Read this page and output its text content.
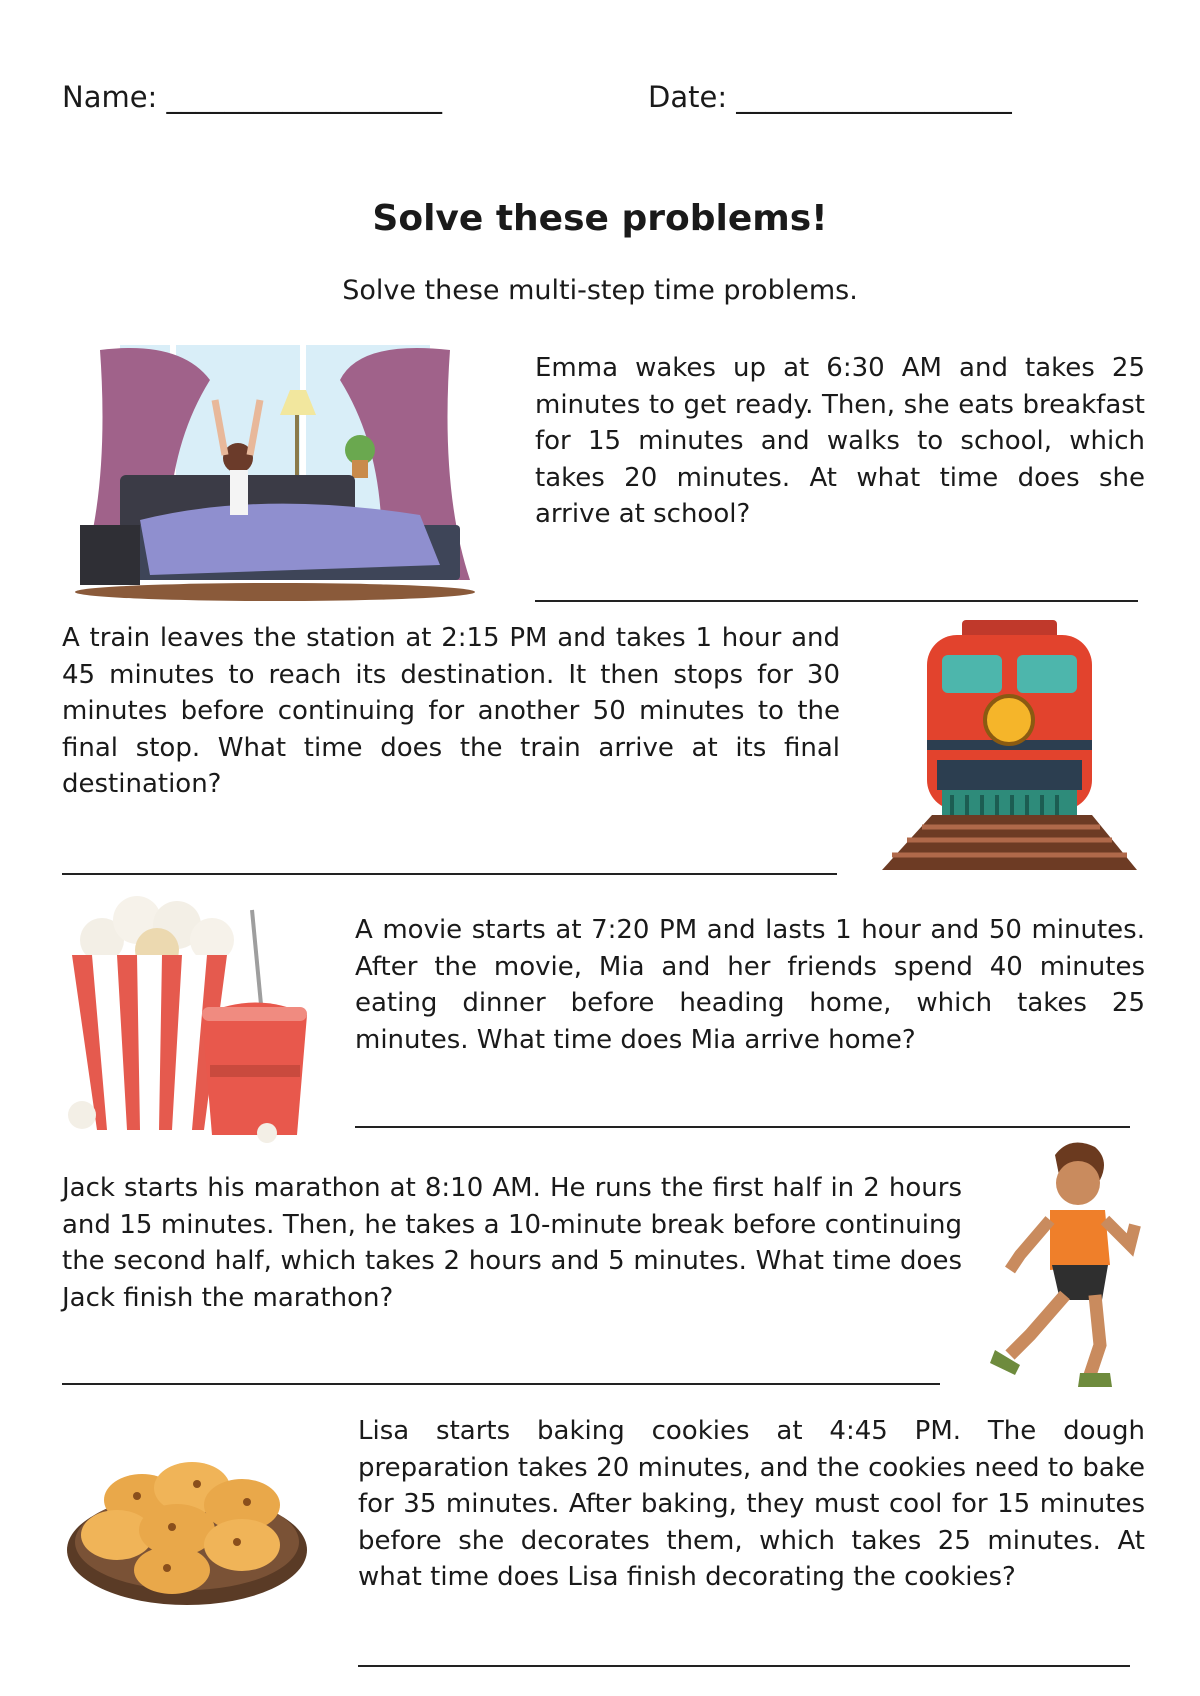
Name: ___________________	Date: ___________________
Solve these problems!
Solve these multi-step time problems.
Emma wakes up at 6:30 AM and takes 25 minutes to get ready. Then, she eats breakfast for 15 minutes and walks to school, which takes 20 minutes. At what time does she arrive at school?
A train leaves the station at 2:15 PM and takes 1 hour and 45 minutes to reach its destination. It then stops for 30 minutes before continuing for another 50 minutes to the final stop. What time does the train arrive at its final destination?
A movie starts at 7:20 PM and lasts 1 hour and 50 minutes. After the movie, Mia and her friends spend 40 minutes eating dinner before heading home, which takes 25 minutes. What time does Mia arrive home?
Jack starts his marathon at 8:10 AM. He runs the first half in 2 hours and 15 minutes. Then, he takes a 10-minute break before continuing the second half, which takes 2 hours and 5 minutes. What time does Jack finish the marathon?
Lisa starts baking cookies at 4:45 PM. The dough preparation takes 20 minutes, and the cookies need to bake for 35 minutes. After baking, they must cool for 15 minutes before she decorates them, which takes 25 minutes. At what time does Lisa finish decorating the cookies?
